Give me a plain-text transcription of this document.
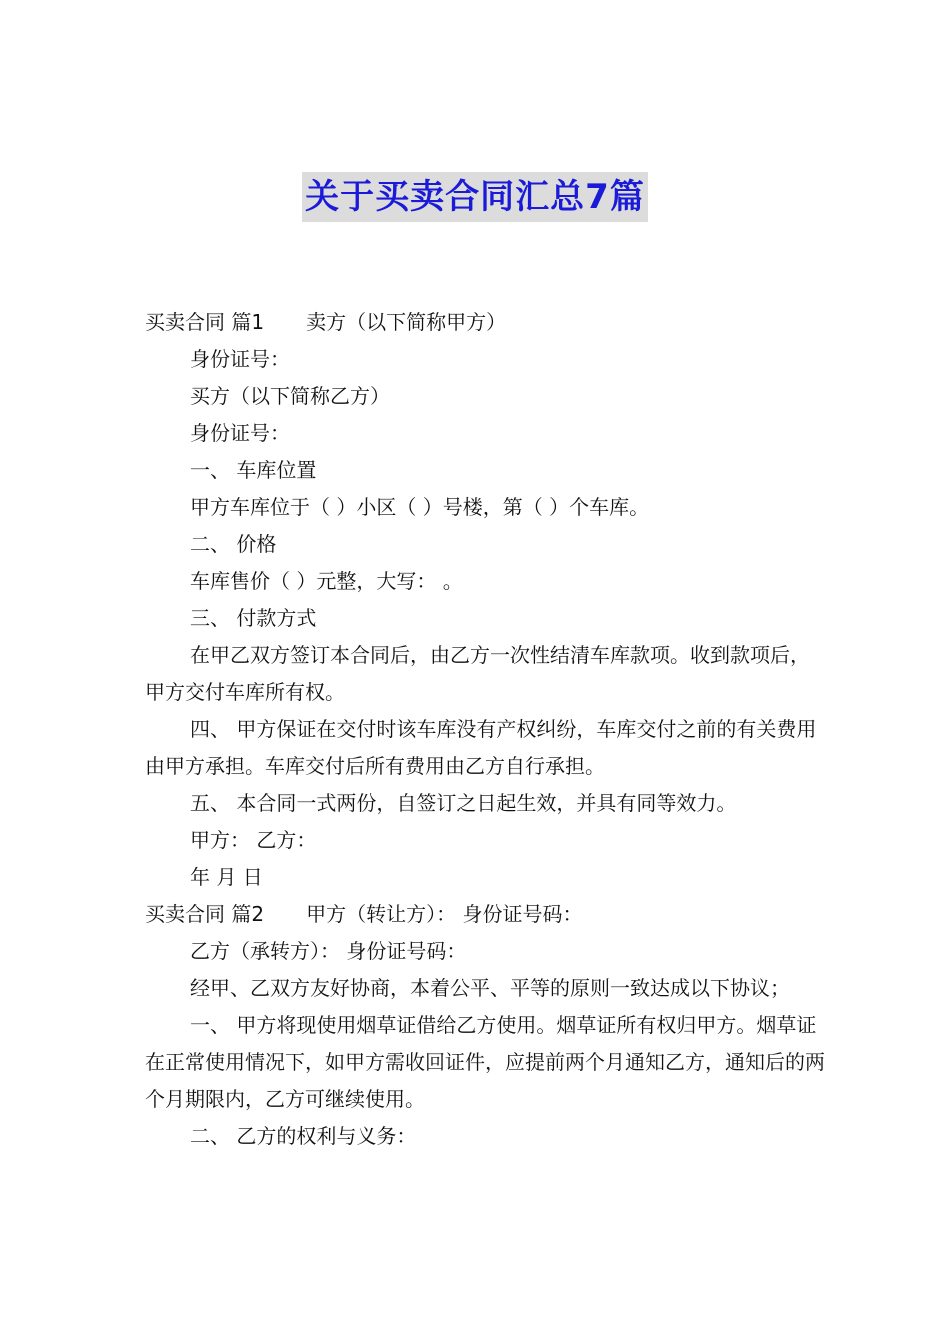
关于买卖合同汇总7篇

买卖合同 篇1 卖方（以下简称甲方）

身份证号：

买方（以下简称乙方）

身份证号：

一、 车库位置

甲方车库位于（ ）小区（ ）号楼，第（ ）个车库。

二、 价格

车库售价（ ）元整，大写： 。

三、 付款方式

在甲乙双方签订本合同后，由乙方一次性结清车库款项。收到款项后，甲方交付车库所有权。

四、 甲方保证在交付时该车库没有产权纠纷，车库交付之前的有关费用由甲方承担。车库交付后所有费用由乙方自行承担。

五、 本合同一式两份，自签订之日起生效，并具有同等效力。

甲方： 乙方：

年 月 日

买卖合同 篇2 甲方（转让方）： 身份证号码：

乙方（承转方）： 身份证号码：

经甲、乙双方友好协商，本着公平、平等的原则一致达成以下协议；

一、 甲方将现使用烟草证借给乙方使用。烟草证所有权归甲方。烟草证在正常使用情况下，如甲方需收回证件，应提前两个月通知乙方，通知后的两个月期限内，乙方可继续使用。

二、 乙方的权利与义务：
